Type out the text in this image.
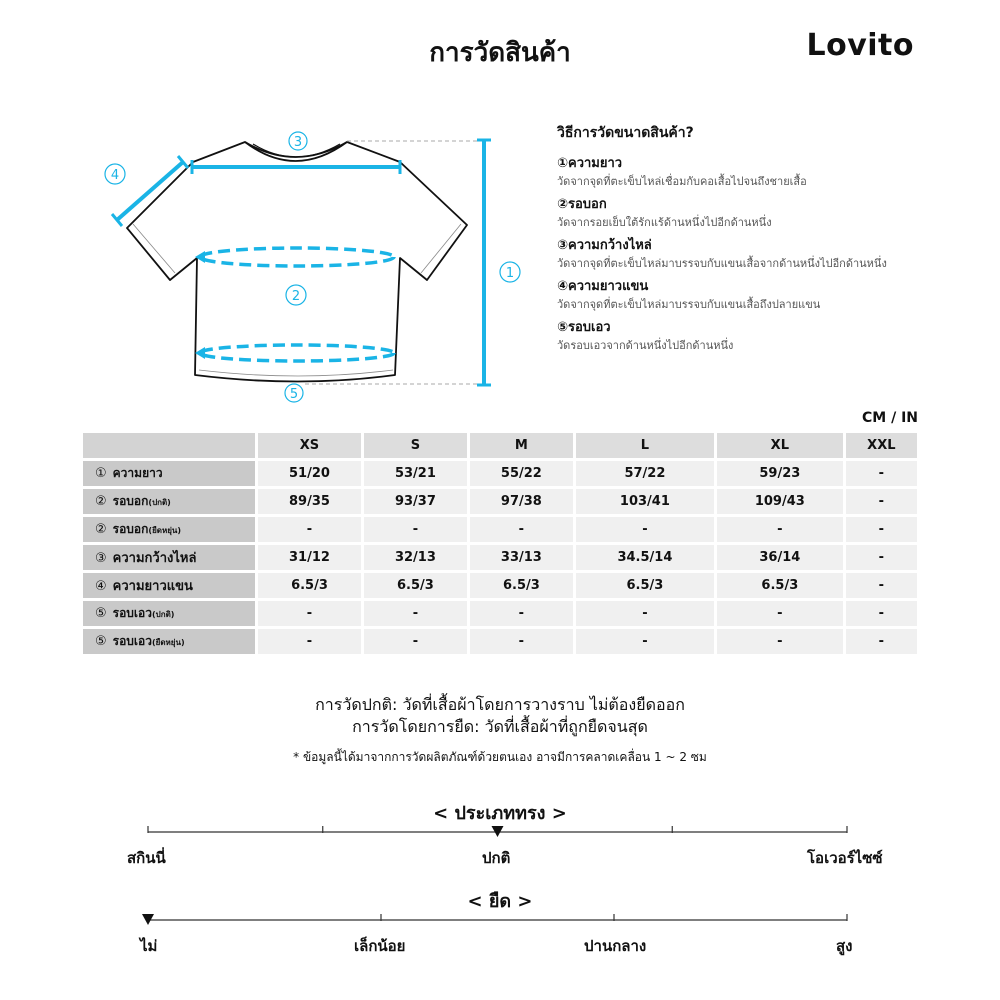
การวัดสินค้า	Lovito
3
4
1
2
5
วิธีการวัดขนาดสินค้า?
①ความยาว
วัดจากจุดที่ตะเข็บไหล่เชื่อมกับคอเสื้อไปจนถึงชายเสื้อ
②รอบอก
วัดจากรอยเย็บใต้รักแร้ด้านหนึ่งไปอีกด้านหนึ่ง
③ความกว้างไหล่
วัดจากจุดที่ตะเข็บไหล่มาบรรจบกับแขนเสื้อจากด้านหนึ่งไปอีกด้านหนึ่ง
④ความยาวแขน
วัดจากจุดที่ตะเข็บไหล่มาบรรจบกับแขนเสื้อถึงปลายแขน
⑤รอบเอว
วัดรอบเอวจากด้านหนึ่งไปอีกด้านหนึ่ง
CM / IN
	XS	S	M	L	XL	XXL
① ความยาว	51/20	53/21	55/22	57/22	59/23	-
② รอบอก(ปกติ)	89/35	93/37	97/38	103/41	109/43	-
② รอบอก(ยืดหยุ่น)	-	-	-	-	-	-
③ ความกว้างไหล่	31/12	32/13	33/13	34.5/14	36/14	-
④ ความยาวแขน	6.5/3	6.5/3	6.5/3	6.5/3	6.5/3	-
⑤ รอบเอว(ปกติ)	-	-	-	-	-	-
⑤ รอบเอว(ยืดหยุ่น)	-	-	-	-	-	-
การวัดปกติ: วัดที่เสื้อผ้าโดยการวางราบ ไม่ต้องยืดออก
การวัดโดยการยืด: วัดที่เสื้อผ้าที่ถูกยืดจนสุด
* ข้อมูลนี้ได้มาจากการวัดผลิตภัณฑ์ด้วยตนเอง อาจมีการคลาดเคลื่อน 1 ~ 2 ซม
< ประเภททรง >
สกินนี่	ปกติ	โอเวอร์ไซซ์
< ยืด >
ไม่	เล็กน้อย	ปานกลาง	สูง
